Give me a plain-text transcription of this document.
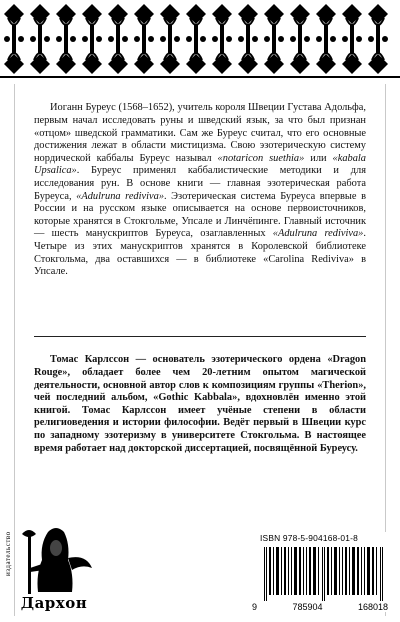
Иоганн Буреус (1568–1652), учитель короля Швеции Густава Адольфа, первым начал исследовать руны и шведский язык, за что был признан «отцом» шведской грамматики. Сам же Буреус считал, что его основные достижения лежат в области мистицизма. Свою эзотерическую систему нордической каббалы Буреус называл «notaricon suethia» или «kabala Upsalica». Буреус применял каббалистические методики и для исследования рун. В основе книги — главная эзотерическая работа Буреуса, «Adulruna rediviva». Эзотерическая система Буреуса впервые в России и на русском языке описывается на основе первоисточников, которые хранятся в Стокгольме, Упсале и Линчёпинге. Главный источник — шесть манускриптов Буреуса, озаглавленных «Adulruna rediviva». Четыре из этих манускриптов хранятся в Королевской библиотеке Стокгольма, два оставшихся — в библиотеке «Carolina Rediviva» в Упсале.

Томас Карлссон — основатель эзотерического ордена «Dragon Rouge», обладает более чем 20-летним опытом магической деятельности, основной автор слов к композициям группы «Therion», чей последний альбом, «Gothic Kabbala», вдохновлён именно этой книгой. Томас Карлссон имеет учёные степени в области религиоведения и истории философии. Ведёт первый в Швеции курс по западному эзотеризму в университете Стокгольма. В настоящее время работает над докторской диссертацией, посвящённой Буреусу.

издательство
Дархон
ISBN 978-5-904168-01-8
9	785904	168018
